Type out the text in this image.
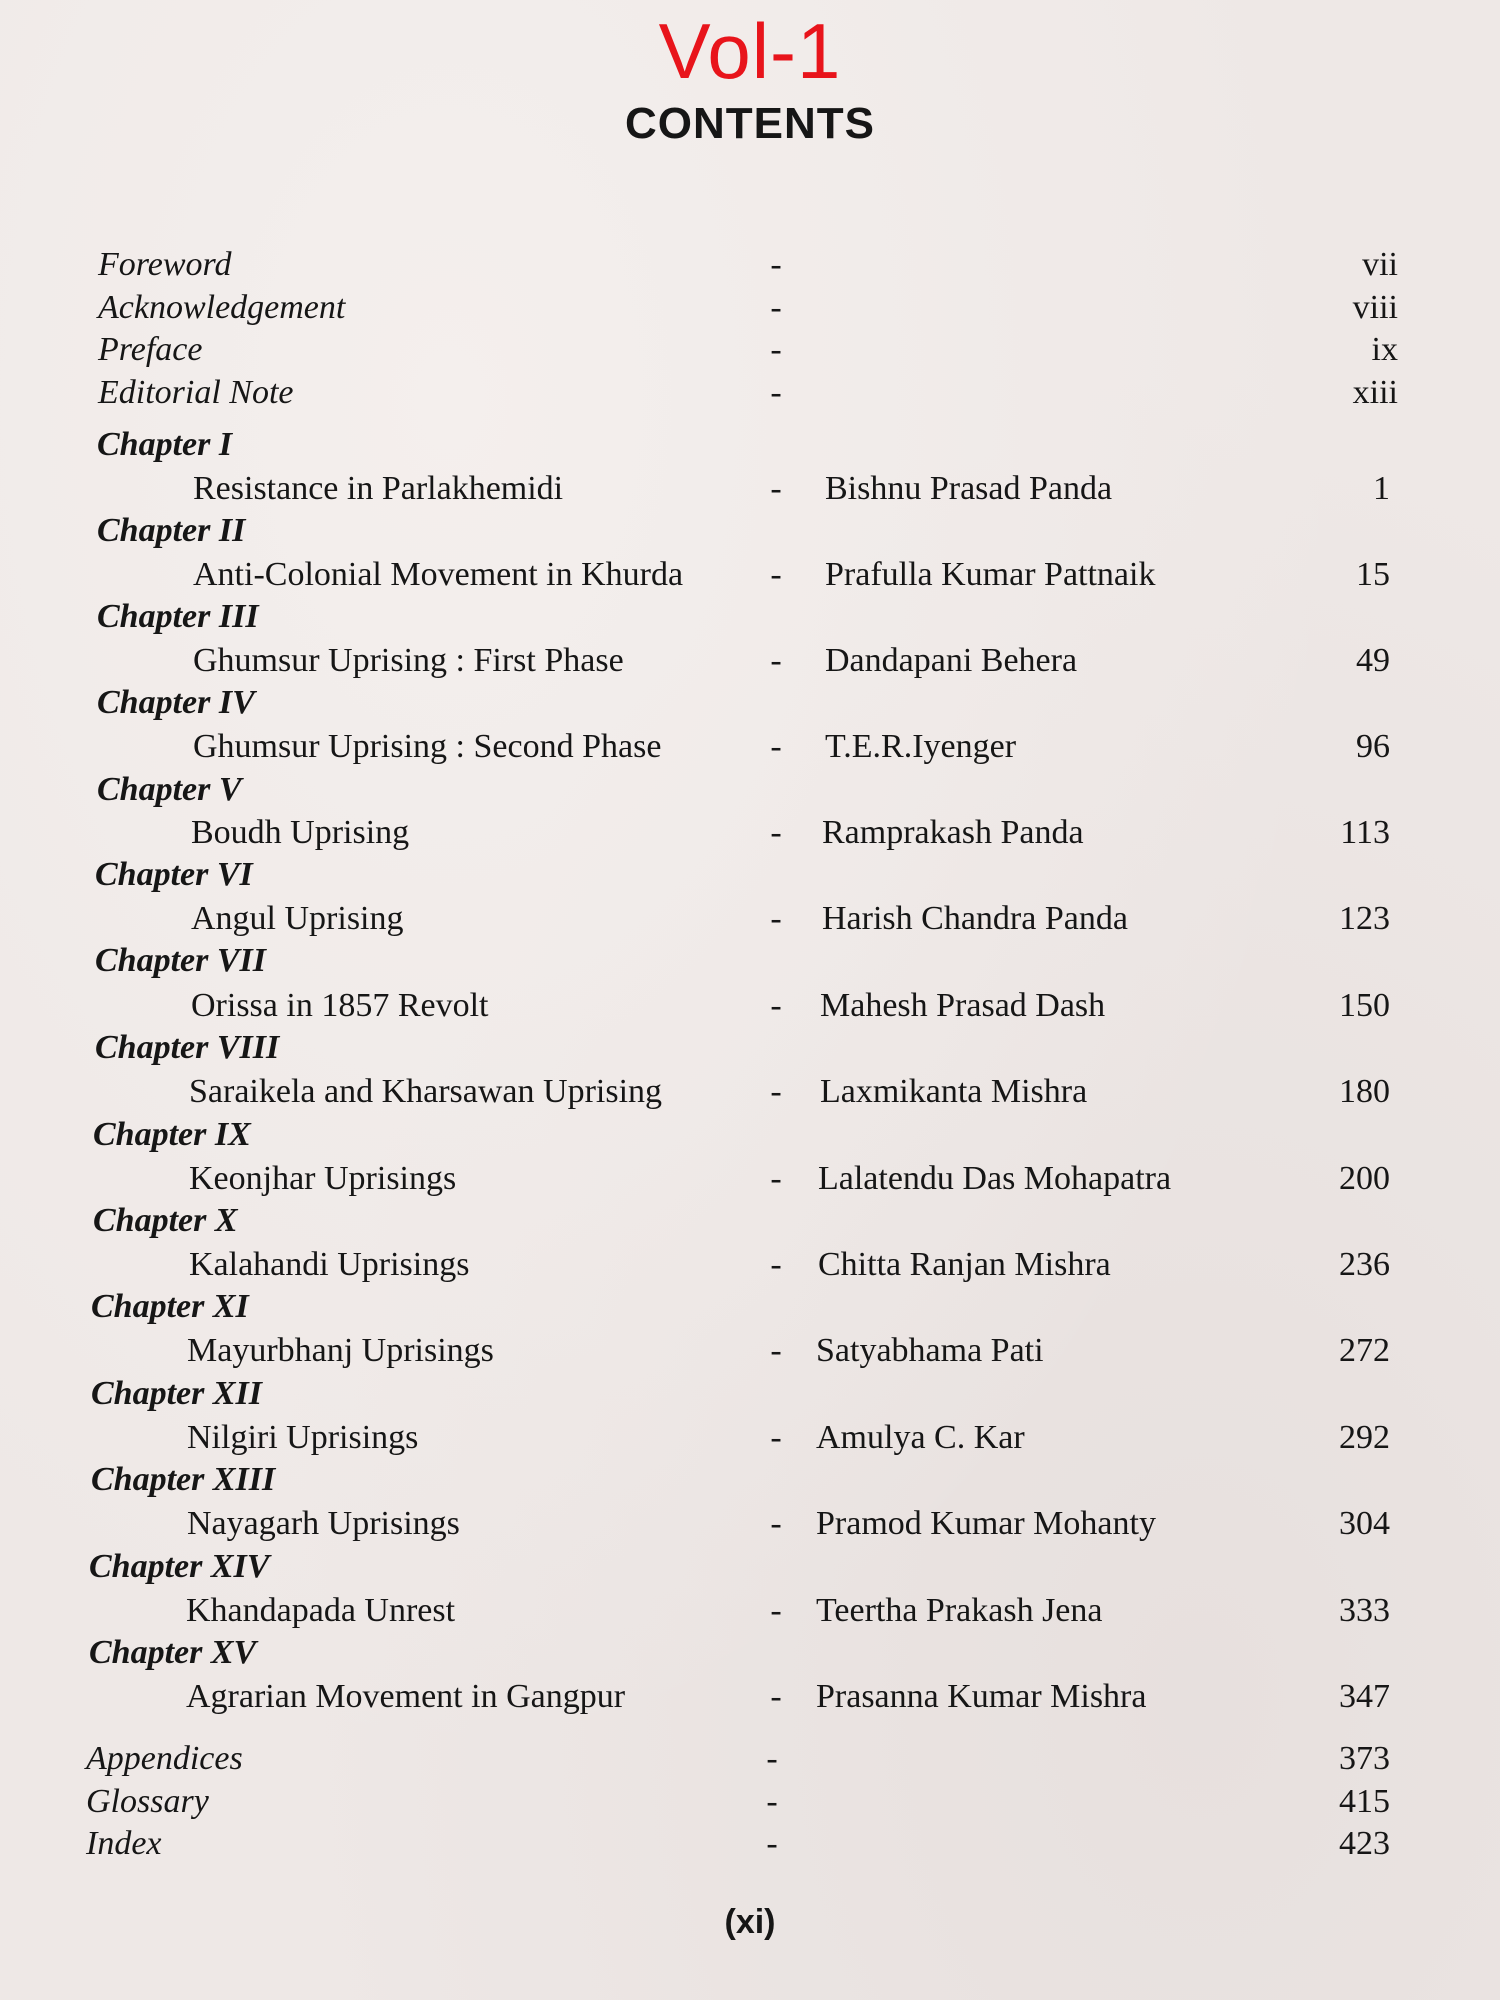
Vol-1
CONTENTS
Foreword	-	vii
Acknowledgement	-	viii
Preface	-	ix
Editorial Note	-	xiii
Chapter I
Resistance in Parlakhemidi	- Bishnu Prasad Panda	1
Chapter II
Anti-Colonial Movement in Khurda	- Prafulla Kumar Pattnaik	15
Chapter III
Ghumsur Uprising : First Phase	- Dandapani Behera	49
Chapter IV
Ghumsur Uprising : Second Phase	- T.E.R.Iyenger	96
Chapter V
Boudh Uprising	- Ramprakash Panda	113
Chapter VI
Angul Uprising	- Harish Chandra Panda	123
Chapter VII
Orissa in 1857 Revolt	- Mahesh Prasad Dash	150
Chapter VIII
Saraikela and Kharsawan Uprising	- Laxmikanta Mishra	180
Chapter IX
Keonjhar Uprisings	- Lalatendu Das Mohapatra	200
Chapter X
Kalahandi Uprisings	- Chitta Ranjan Mishra	236
Chapter XI
Mayurbhanj Uprisings	- Satyabhama Pati	272
Chapter XII
Nilgiri Uprisings	- Amulya C. Kar	292
Chapter XIII
Nayagarh Uprisings	- Pramod Kumar Mohanty	304
Chapter XIV
Khandapada Unrest	- Teertha Prakash Jena	333
Chapter XV
Agrarian Movement in Gangpur	- Prasanna Kumar Mishra	347
Appendices	-	373
Glossary	-	415
Index	-	423
(xi)
